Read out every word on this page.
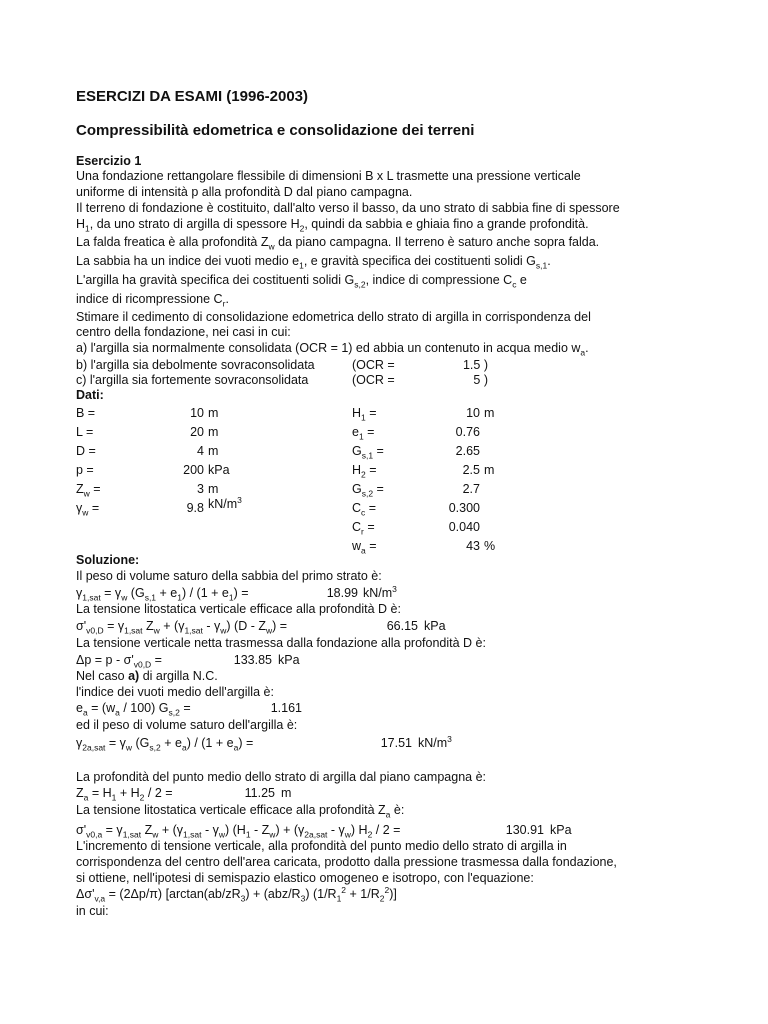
ESERCIZI DA ESAMI (1996-2003)
Compressibilità edometrica e consolidazione dei terreni
Esercizio 1
Una fondazione rettangolare flessibile di dimensioni B x L trasmette una pressione verticale
uniforme di intensità p alla profondità D dal piano campagna.
Il terreno di fondazione è costituito, dall'alto verso il basso, da uno strato di sabbia fine di spessore
$H_1$, da uno strato di argilla di spessore $H_2$, quindi da sabbia e ghiaia fino a grande profondità.
La falda freatica è alla profondità $Z_w$ da piano campagna. Il terreno è saturo anche sopra falda.
La sabbia ha un indice dei vuoti medio $e_1$, e gravità specifica dei costituenti solidi $G_{s,1}$.
L'argilla ha gravità specifica dei costituenti solidi $G_{s,2}$, indice di compressione $C_c$ e
indice di ricompressione $C_r$.
Stimare il cedimento di consolidazione edometrica dello strato di argilla in corrispondenza del
centro della fondazione, nei casi in cui:
a) l'argilla sia normalmente consolidata (OCR = 1) ed abbia un contenuto in acqua medio $w_a$.
b) l'argilla sia debolmente sovraconsolidata	(OCR =	1.5 )
c) l'argilla sia fortemente sovraconsolidata	(OCR =	5 )
Dati:
B =	10 m
L =	20 m
D =	4 m
p =	200 kPa
$Z_w$ =	3 m
$\gamma_w$ =	9.8 $kN/m^3$
$H_1$ =	10 m
$e_1$ =	0.76
$G_{s,1}$ =	2.65
$H_2$ =	2.5 m
$G_{s,2}$ =	2.7
$C_c$ =	0.300
$C_r$ =	0.040
$w_a$ =	43 %
Soluzione:
Il peso di volume saturo della sabbia del primo strato è:
$\gamma_{1,sat} = \gamma_w$ $(G_{s,1} + e_1) / (1 + e_1)$ =	18.99 $kN/m^3$
La tensione litostatica verticale efficace alla profondità D è:
$\sigma'_{v0,D} = \gamma_{1,sat}$ $Z_w + (\gamma_{1,sat} - \gamma_w)$ $(D - Z_w)$ =	66.15 kPa
La tensione verticale netta trasmessa dalla fondazione alla profondità D è:
$\Delta p = p - \sigma'_{v0,D}$ =	133.85 kPa
Nel caso a) di argilla N.C.
l'indice dei vuoti medio dell'argilla è:
$e_a = (w_a / 100) G_{s,2}$ =	1.161
ed il peso di volume saturo dell'argilla è:
$\gamma_{2a,sat} = \gamma_w$ $(G_{s,2} + e_a) / (1 + e_a)$ =	17.51 $kN/m^3$
La profondità del punto medio dello strato di argilla dal piano campagna è:
$Z_a = H_1 + H_2 / 2$ =	11.25 m
La tensione litostatica verticale efficace alla profondità $Z_a$ è:
$\sigma'_{v0,a} = \gamma_{1,sat}$ $Z_w + (\gamma_{1,sat} - \gamma_w)$ $(H_1 - Z_w) + (\gamma_{2a,sat} - \gamma_w)$ $H_2 / 2$ =	130.91 kPa
L'incremento di tensione verticale, alla profondità del punto medio dello strato di argilla in
corrispondenza del centro dell'area caricata, prodotto dalla pressione trasmessa dalla fondazione,
si ottiene, nell'ipotesi di semispazio elastico omogeneo e isotropo, con l'equazione:
$\Delta\sigma'_{v,a} = (2\Delta p/\pi) [\arctan(ab/zR_3) + (abz/R_3) (1/R_1^2 + 1/R_2^2)]$
in cui:
